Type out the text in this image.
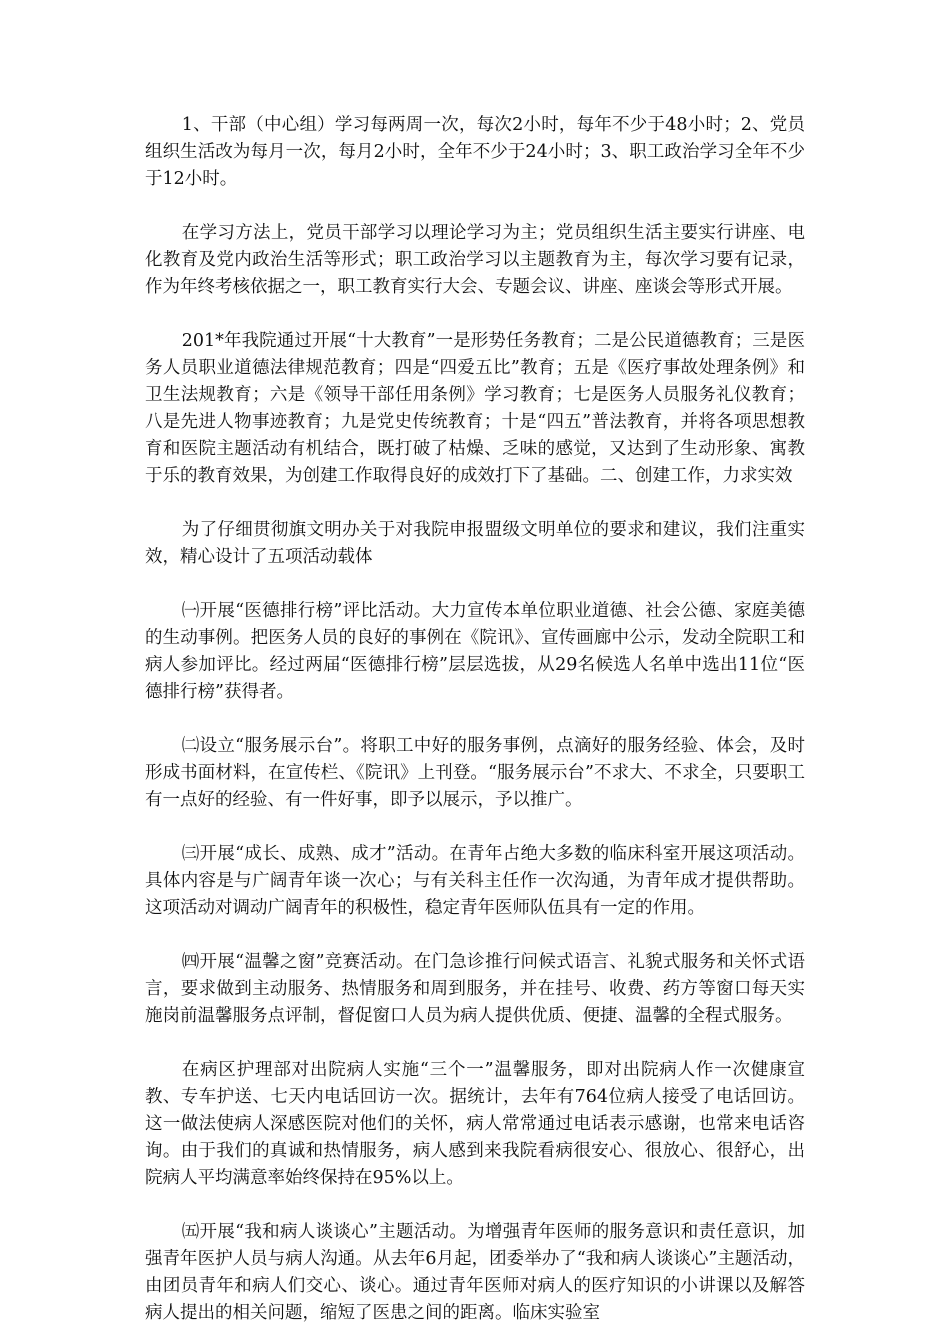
1、干部（中心组）学习每两周一次，每次2小时，每年不少于48小时；2、党员组织生活改为每月一次，每月2小时，全年不少于24小时；3、职工政治学习全年不少于12小时。

在学习方法上，党员干部学习以理论学习为主；党员组织生活主要实行讲座、电化教育及党内政治生活等形式；职工政治学习以主题教育为主，每次学习要有记录，作为年终考核依据之一，职工教育实行大会、专题会议、讲座、座谈会等形式开展。

201*年我院通过开展“十大教育”一是形势任务教育；二是公民道德教育；三是医务人员职业道德法律规范教育；四是“四爱五比”教育；五是《医疗事故处理条例》和卫生法规教育；六是《领导干部任用条例》学习教育；七是医务人员服务礼仪教育；八是先进人物事迹教育；九是党史传统教育；十是“四五”普法教育，并将各项思想教育和医院主题活动有机结合，既打破了枯燥、乏味的感觉，又达到了生动形象、寓教于乐的教育效果，为创建工作取得良好的成效打下了基础。二、创建工作，力求实效

为了仔细贯彻旗文明办关于对我院申报盟级文明单位的要求和建议，我们注重实效，精心设计了五项活动载体

㈠开展“医德排行榜”评比活动。大力宣传本单位职业道德、社会公德、家庭美德的生动事例。把医务人员的良好的事例在《院讯》、宣传画廊中公示，发动全院职工和病人参加评比。经过两届“医德排行榜”层层选拔，从29名候选人名单中选出11位“医德排行榜”获得者。

㈡设立“服务展示台”。将职工中好的服务事例，点滴好的服务经验、体会，及时形成书面材料，在宣传栏、《院讯》上刊登。“服务展示台”不求大、不求全，只要职工有一点好的经验、有一件好事，即予以展示，予以推广。

㈢开展“成长、成熟、成才”活动。在青年占绝大多数的临床科室开展这项活动。具体内容是与广阔青年谈一次心；与有关科主任作一次沟通，为青年成才提供帮助。这项活动对调动广阔青年的积极性，稳定青年医师队伍具有一定的作用。

㈣开展“温馨之窗”竞赛活动。在门急诊推行问候式语言、礼貌式服务和关怀式语言，要求做到主动服务、热情服务和周到服务，并在挂号、收费、药方等窗口每天实施岗前温馨服务点评制，督促窗口人员为病人提供优质、便捷、温馨的全程式服务。

在病区护理部对出院病人实施“三个一”温馨服务，即对出院病人作一次健康宣教、专车护送、七天内电话回访一次。据统计，去年有764位病人接受了电话回访。这一做法使病人深感医院对他们的关怀，病人常常通过电话表示感谢，也常来电话咨询。由于我们的真诚和热情服务，病人感到来我院看病很安心、很放心、很舒心，出院病人平均满意率始终保持在95%以上。

㈤开展“我和病人谈谈心”主题活动。为增强青年医师的服务意识和责任意识，加强青年医护人员与病人沟通。从去年6月起，团委举办了“我和病人谈谈心”主题活动，由团员青年和病人们交心、谈心。通过青年医师对病人的医疗知识的小讲课以及解答病人提出的相关问题，缩短了医患之间的距离。临床实验室
